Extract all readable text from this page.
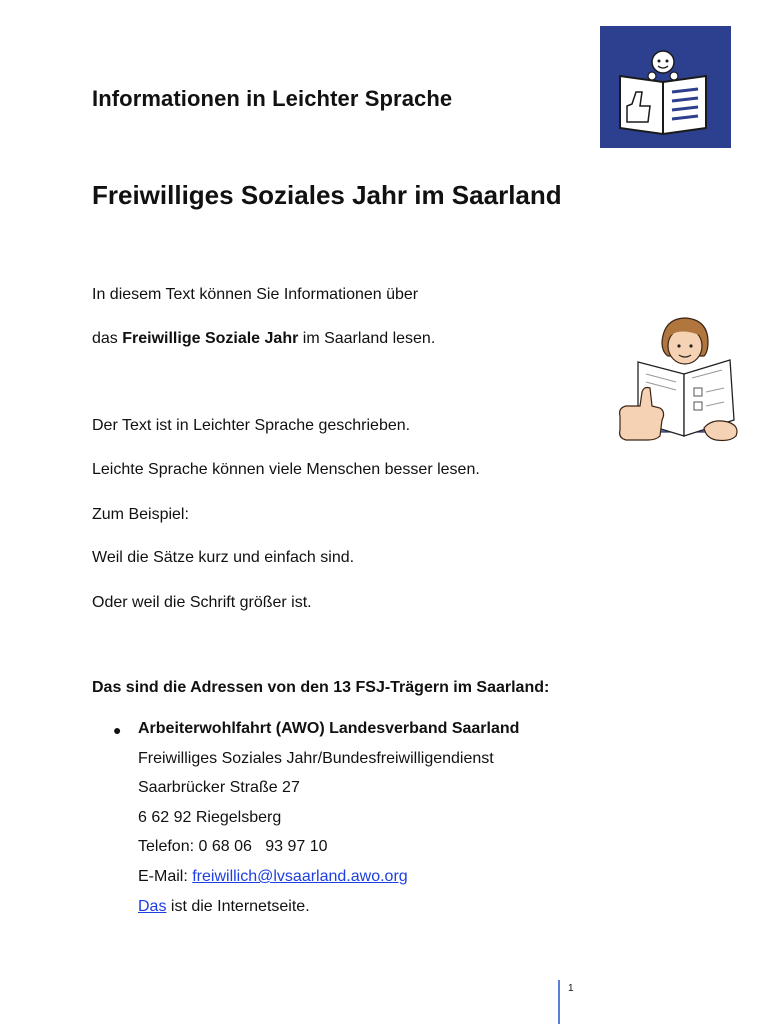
Informationen in Leichter Sprache
Freiwilliges Soziales Jahr im Saarland
In diesem Text können Sie Informationen über
das Freiwillige Soziale Jahr im Saarland lesen.
Der Text ist in Leichter Sprache geschrieben.
Leichte Sprache können viele Menschen besser lesen.
Zum Beispiel:
Weil die Sätze kurz und einfach sind.
Oder weil die Schrift größer ist.
Das sind die Adressen von den 13 FSJ-Trägern im Saarland:
● Arbeiterwohlfahrt (AWO) Landesverband Saarland
Freiwilliges Soziales Jahr/Bundesfreiwilligendienst
Saarbrücker Straße 27
6 62 92 Riegelsberg
Telefon: 0 68 06   93 97 10
E-Mail: freiwillich@lvsaarland.awo.org
Das ist die Internetseite.
1
